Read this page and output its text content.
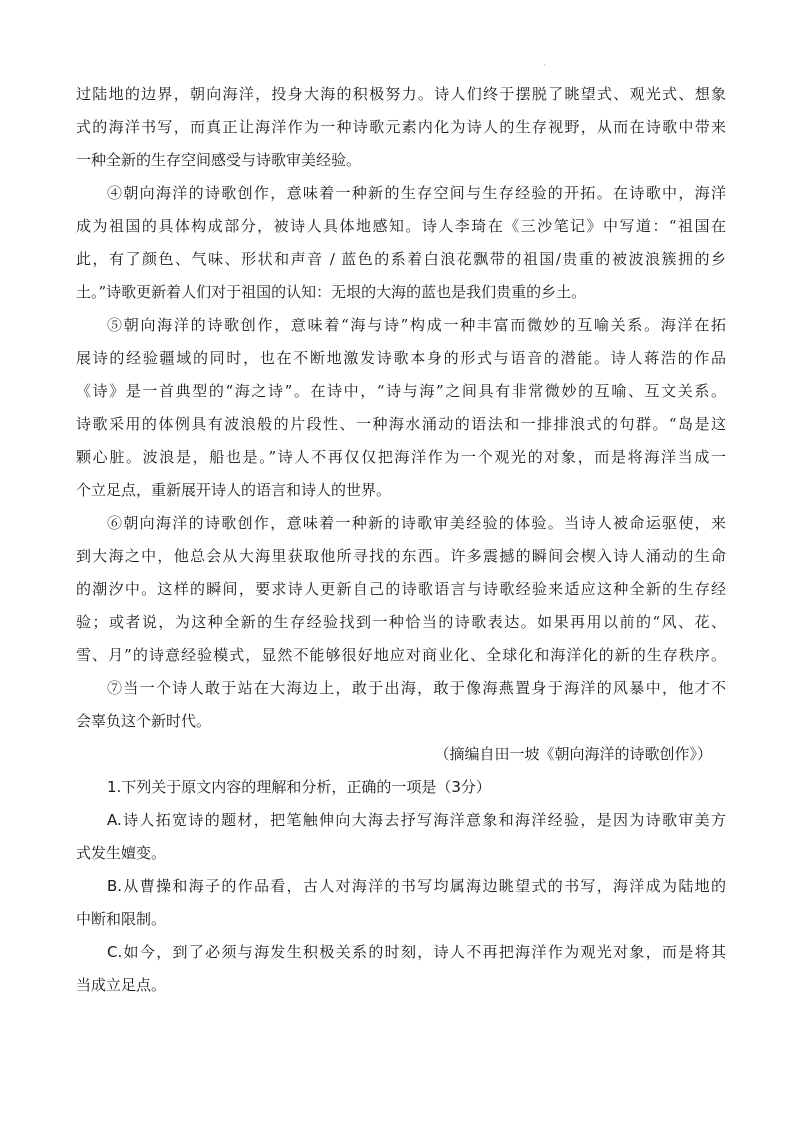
'
过陆地的边界，朝向海洋，投身大海的积极努力。诗人们终于摆脱了眺望式、观光式、想象
式的海洋书写，而真正让海洋作为一种诗歌元素内化为诗人的生存视野，从而在诗歌中带来
一种全新的生存空间感受与诗歌审美经验。
④朝向海洋的诗歌创作，意味着一种新的生存空间与生存经验的开拓。在诗歌中，海洋
成为祖国的具体构成部分，被诗人具体地感知。诗人李琦在《三沙笔记》中写道：“祖国在
此，有了颜色、气味、形状和声音 / 蓝色的系着白浪花飘带的祖国/贵重的被波浪簇拥的乡
土。”诗歌更新着人们对于祖国的认知：无垠的大海的蓝也是我们贵重的乡土。
⑤朝向海洋的诗歌创作，意味着“海与诗”构成一种丰富而微妙的互喻关系。海洋在拓
展诗的经验疆域的同时，也在不断地激发诗歌本身的形式与语音的潜能。诗人蒋浩的作品
《诗》是一首典型的“海之诗”。在诗中，“诗与海”之间具有非常微妙的互喻、互文关系。
诗歌采用的体例具有波浪般的片段性、一种海水涌动的语法和一排排浪式的句群。“岛是这
颗心脏。波浪是，船也是。”诗人不再仅仅把海洋作为一个观光的对象，而是将海洋当成一
个立足点，重新展开诗人的语言和诗人的世界。
⑥朝向海洋的诗歌创作，意味着一种新的诗歌审美经验的体验。当诗人被命运驱使，来
到大海之中，他总会从大海里获取他所寻找的东西。许多震撼的瞬间会楔入诗人涌动的生命
的潮汐中。这样的瞬间，要求诗人更新自己的诗歌语言与诗歌经验来适应这种全新的生存经
验；或者说，为这种全新的生存经验找到一种恰当的诗歌表达。如果再用以前的“风、花、
雪、月”的诗意经验模式，显然不能够很好地应对商业化、全球化和海洋化的新的生存秩序。
⑦当一个诗人敢于站在大海边上，敢于出海，敢于像海燕置身于海洋的风暴中，他才不
会辜负这个新时代。
（摘编自田一坡《朝向海洋的诗歌创作》）
1.下列关于原文内容的理解和分析，正确的一项是（3分）
A.诗人拓宽诗的题材，把笔触伸向大海去抒写海洋意象和海洋经验，是因为诗歌审美方
式发生嬗变。
B.从曹操和海子的作品看，古人对海洋的书写均属海边眺望式的书写，海洋成为陆地的
中断和限制。
C.如今，到了必须与海发生积极关系的时刻，诗人不再把海洋作为观光对象，而是将其
当成立足点。
